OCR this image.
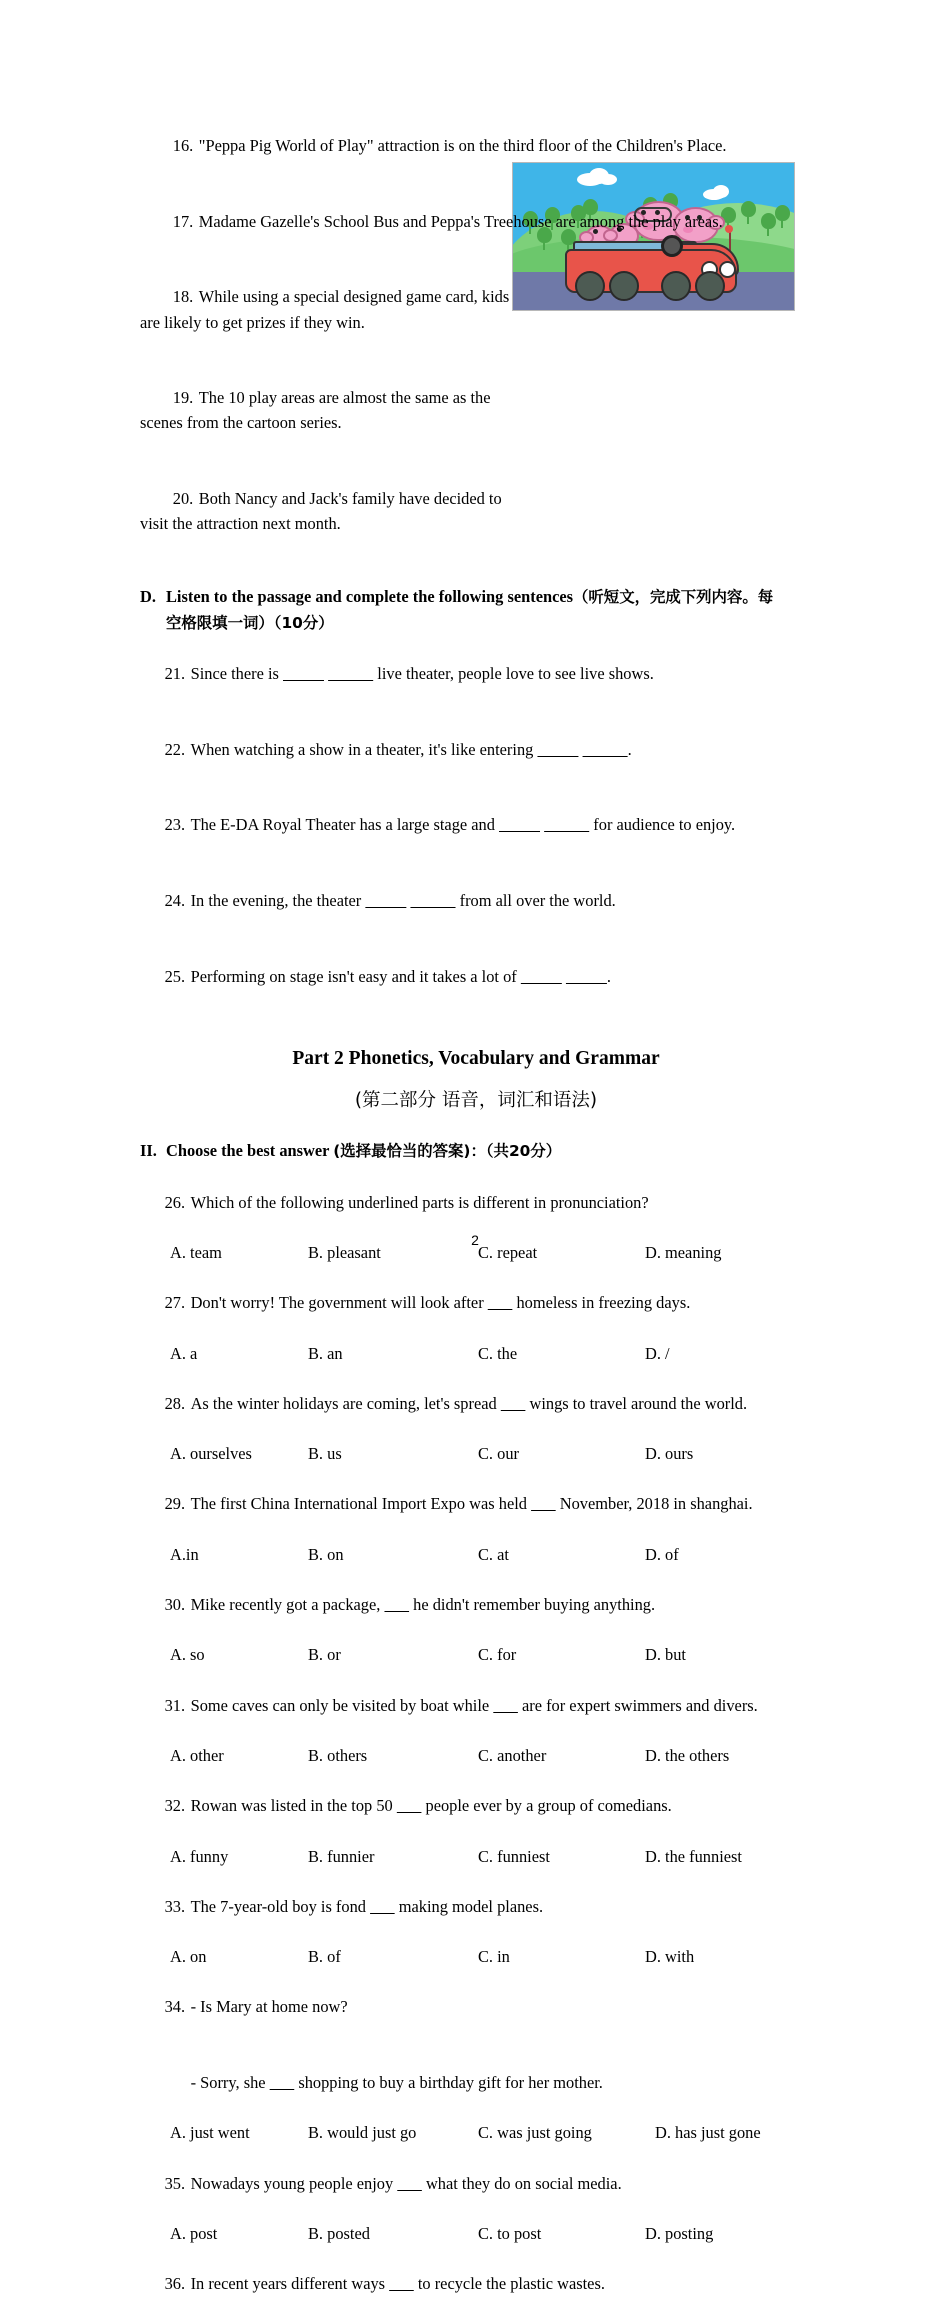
16. "Peppa Pig World of Play" attraction is on the third floor of the Children's Place.

17. Madame Gazelle's School Bus and Peppa's Treehouse are among the play areas.

18. While using a special designed game card, kids are likely to get prizes if they win.

19. The 10 play areas are almost the same as the scenes from the cartoon series.

20. Both Nancy and Jack's family have decided to visit the attraction next month.

D. Listen to the passage and complete the following sentences（听短文，完成下列内容。每
空格限填一词）（10分）

21. Since there is	live theater, people love to see live shows.

22. When watching a show in a theater, it's like entering	.

23. The E-DA Royal Theater has a large stage and	for audience to enjoy.

24. In the evening, the theater	from all over the world.

25. Performing on stage isn't easy and it takes a lot of	.

Part 2 Phonetics, Vocabulary and Grammar
(第二部分 语音，词汇和语法)
II. Choose the best answer (选择最恰当的答案)：（共20分）

26. Which of the following underlined parts is different in pronunciation?

A. team	B. pleasant	C. repeat	D. meaning

27. Don't worry! The government will look after        homeless in freezing days.

A. a	B. an	C. the	D. /

28. As the winter holidays are coming, let's spread        wings to travel around the world.

A. ourselves	B. us	C. our	D. ours

29. The first China International Import Expo was held        November, 2018 in shanghai.

A.in	B. on	C. at	D. of

30. Mike recently got a package,        he didn't remember buying anything.

A. so	B. or	C. for	D. but

31. Some caves can only be visited by boat while        are for expert swimmers and divers.

A. other	B. others	C. another	D. the others

32. Rowan was listed in the top 50        people ever by a group of comedians.

A. funny	B. funnier	C. funniest	D. the funniest

33. The 7-year-old boy is fond        making model planes.

A. on	B. of	C. in	D. with

34. - Is Mary at home now?

- Sorry, she        shopping to buy a birthday gift for her mother.

A. just went	B. would just go	C. was just going	D. has just gone

35. Nowadays young people enjoy        what they do on social media.

A. post	B. posted	C. to post	D. posting

36. In recent years different ways        to recycle the plastic wastes.

2
